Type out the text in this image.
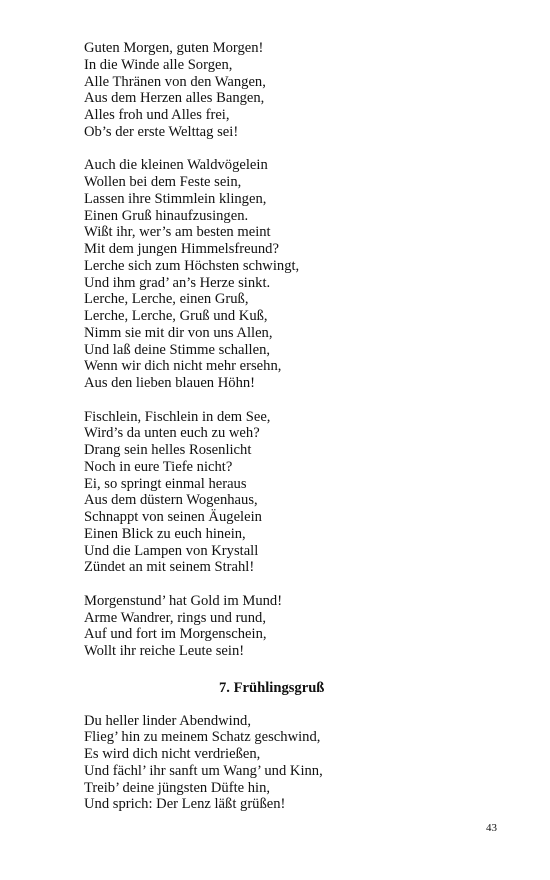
Guten Morgen, guten Morgen!
In die Winde alle Sorgen,
Alle Thränen von den Wangen,
Aus dem Herzen alles Bangen,
Alles froh und Alles frei,
Ob’s der erste Welttag sei!
Auch die kleinen Waldvögelein
Wollen bei dem Feste sein,
Lassen ihre Stimmlein klingen,
Einen Gruß hinaufzusingen.
Wißt ihr, wer’s am besten meint
Mit dem jungen Himmelsfreund?
Lerche sich zum Höchsten schwingt,
Und ihm grad’ an’s Herze sinkt.
Lerche, Lerche, einen Gruß,
Lerche, Lerche, Gruß und Kuß,
Nimm sie mit dir von uns Allen,
Und laß deine Stimme schallen,
Wenn wir dich nicht mehr ersehn,
Aus den lieben blauen Höhn!
Fischlein, Fischlein in dem See,
Wird’s da unten euch zu weh?
Drang sein helles Rosenlicht
Noch in eure Tiefe nicht?
Ei, so springt einmal heraus
Aus dem düstern Wogenhaus,
Schnappt von seinen Äugelein
Einen Blick zu euch hinein,
Und die Lampen von Krystall
Zündet an mit seinem Strahl!
Morgenstund’ hat Gold im Mund!
Arme Wandrer, rings und rund,
Auf und fort im Morgenschein,
Wollt ihr reiche Leute sein!
7. Frühlingsgruß
Du heller linder Abendwind,
Flieg’ hin zu meinem Schatz geschwind,
Es wird dich nicht verdrießen,
Und fächl’ ihr sanft um Wang’ und Kinn,
Treib’ deine jüngsten Düfte hin,
Und sprich: Der Lenz läßt grüßen!
43
